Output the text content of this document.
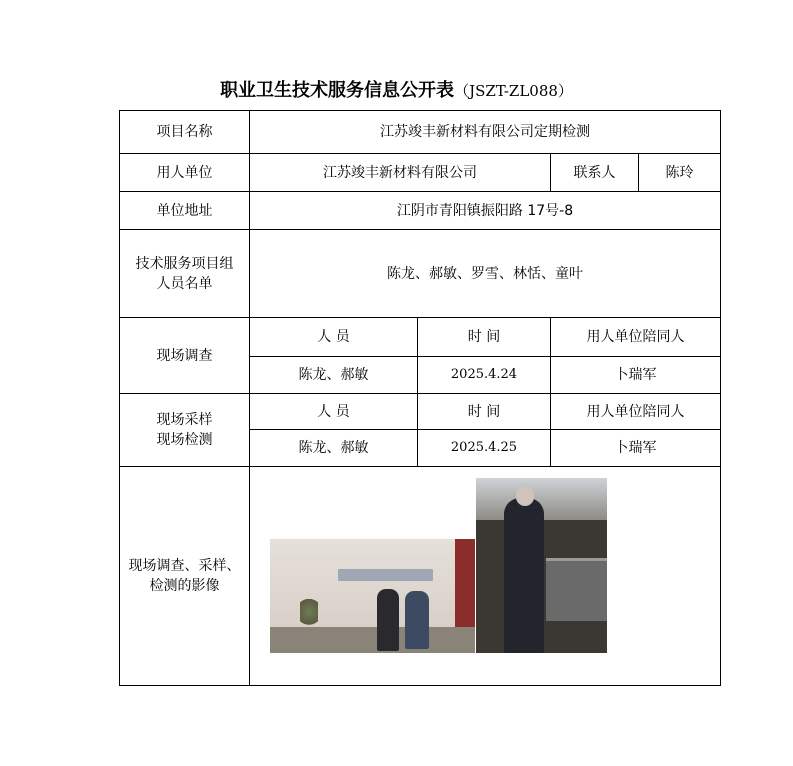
职业卫生技术服务信息公开表（JSZT-ZL088）
项目名称	江苏竣丰新材料有限公司定期检测			
用人单位	江苏竣丰新材料有限公司		联系人	陈玲
单位地址	江阴市青阳镇振阳路 17号-8			
技术服务项目组人员名单	陈龙、郝敏、罗雪、林恬、童叶			
现场调查	人 员	时 间	用人单位陪同人	
	陈龙、郝敏	2025.4.24	卜瑞军	
现场采样现场检测	人 员	时 间	用人单位陪同人	
	陈龙、郝敏	2025.4.25	卜瑞军	
现场调查、采样、检测的影像				
